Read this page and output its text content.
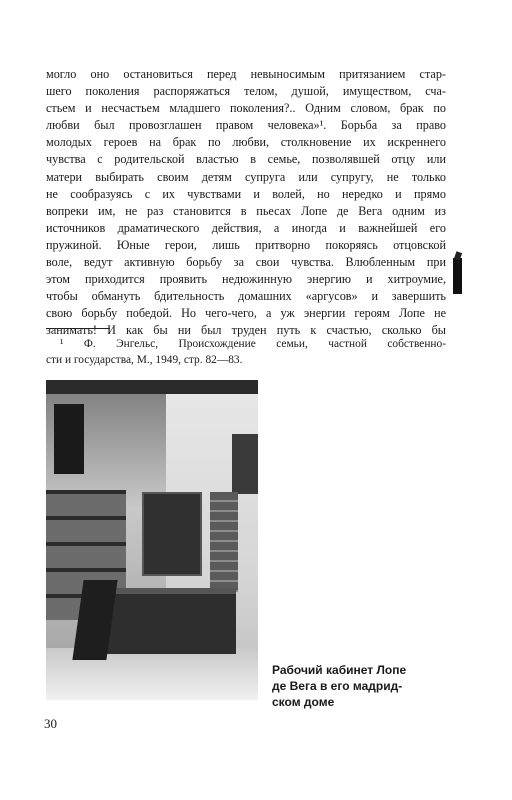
могло оно остановиться перед невыносимым притязанием стар-
шего поколения распоряжаться телом, душой, имуществом, сча-
стьем и несчастьем младшего поколения?.. Одним словом, брак по
любви был провозглашен правом человека»¹. Борьба за право
молодых героев на брак по любви, столкновение их искреннего
чувства с родительской властью в семье, позволявшей отцу или
матери выбирать своим детям супруга или супругу, не только
не сообразуясь с их чувствами и волей, но нередко и прямо
вопреки им, не раз становится в пьесах Лопе де Вега одним из
источников драматического действия, а иногда и важнейшей его
пружиной. Юные герои, лишь притворно покоряясь отцовской
воле, ведут активную борьбу за свои чувства. Влюбленным при
этом приходится проявить недюжинную энергию и хитроумие,
чтобы обмануть бдительность домашних «аргусов» и завершить
свою борьбу победой. Но чего-чего, а уж энергии героям Лопе не
занимать! И как бы ни был труден путь к счастью, сколько бы
¹ Ф. Энгельс, Происхождение семьи, частной собственно-
сти и государства, М., 1949, стр. 82—83.
Рабочий кабинет Лопе
де Вега в его мадрид-
ском доме
30
